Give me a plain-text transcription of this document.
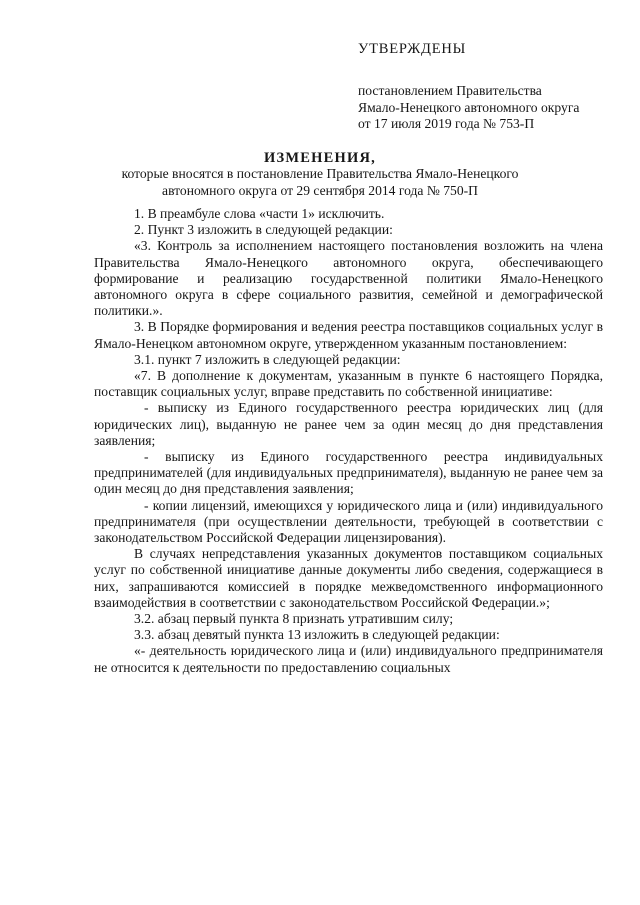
УТВЕРЖДЕНЫ
постановлением Правительства
Ямало-Ненецкого автономного округа
от 17 июля 2019 года № 753-П
ИЗМЕНЕНИЯ,
которые вносятся в постановление Правительства Ямало-Ненецкого
автономного округа от 29 сентября 2014 года № 750-П

1. В преамбуле слова «части 1» исключить.

2. Пункт 3 изложить в следующей редакции:

«3. Контроль за исполнением настоящего постановления возложить на члена Правительства Ямало-Ненецкого автономного округа, обеспечивающего формирование и реализацию государственной политики Ямало-Ненецкого автономного округа в сфере социального развития, семейной и демографической политики.».

3. В Порядке формирования и ведения реестра поставщиков социальных услуг в Ямало-Ненецком автономном округе, утвержденном указанным постановлением:

3.1. пункт 7 изложить в следующей редакции:

«7. В дополнение к документам, указанным в пункте 6 настоящего Порядка, поставщик социальных услуг, вправе представить по собственной инициативе:

- выписку из Единого государственного реестра юридических лиц (для юридических лиц), выданную не ранее чем за один месяц до дня представления заявления;

- выписку из Единого государственного реестра индивидуальных предпринимателей (для индивидуальных предпринимателя), выданную не ранее чем за один месяц до дня представления заявления;

- копии лицензий, имеющихся у юридического лица и (или) индивидуального предпринимателя (при осуществлении деятельности, требующей в соответствии с законодательством Российской Федерации лицензирования).

В случаях непредставления указанных документов поставщиком социальных услуг по собственной инициативе данные документы либо сведения, содержащиеся в них, запрашиваются комиссией в порядке межведомственного информационного взаимодействия в соответствии с законодательством Российской Федерации.»;

3.2. абзац первый пункта 8 признать утратившим силу;

3.3. абзац девятый пункта 13 изложить в следующей редакции:

«- деятельность юридического лица и (или) индивидуального предпринимателя не относится к деятельности по предоставлению социальных
